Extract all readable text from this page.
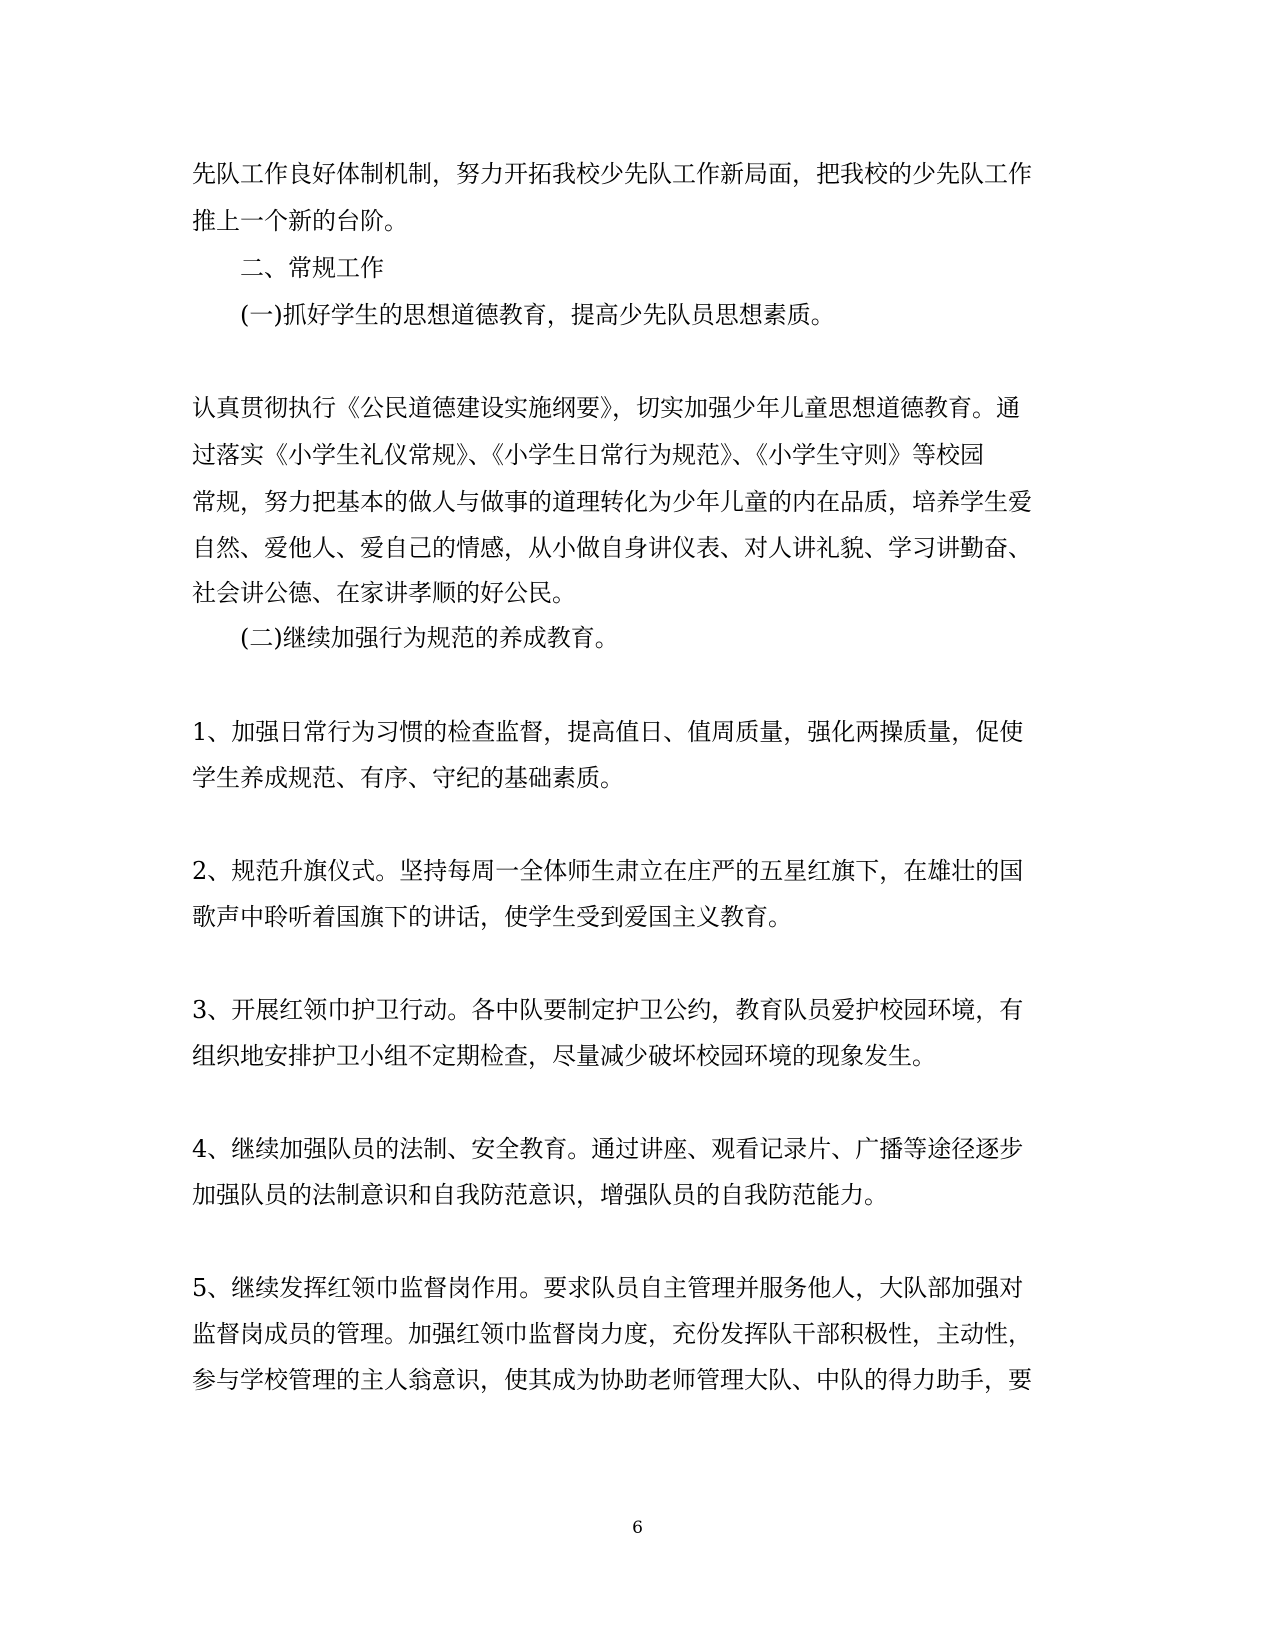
先队工作良好体制机制，努力开拓我校少先队工作新局面，把我校的少先队工作

推上一个新的台阶。

二、常规工作

(一)抓好学生的思想道德教育，提高少先队员思想素质。

认真贯彻执行《公民道德建设实施纲要》，切实加强少年儿童思想道德教育。通

过落实《小学生礼仪常规》、《小学生日常行为规范》、《小学生守则》等校园

常规，努力把基本的做人与做事的道理转化为少年儿童的内在品质，培养学生爱

自然、爱他人、爱自己的情感，从小做自身讲仪表、对人讲礼貌、学习讲勤奋、

社会讲公德、在家讲孝顺的好公民。

(二)继续加强行为规范的养成教育。

1、加强日常行为习惯的检查监督，提高值日、值周质量，强化两操质量，促使

学生养成规范、有序、守纪的基础素质。

2、规范升旗仪式。坚持每周一全体师生肃立在庄严的五星红旗下，在雄壮的国

歌声中聆听着国旗下的讲话，使学生受到爱国主义教育。

3、开展红领巾护卫行动。各中队要制定护卫公约，教育队员爱护校园环境，有

组织地安排护卫小组不定期检查，尽量减少破坏校园环境的现象发生。

4、继续加强队员的法制、安全教育。通过讲座、观看记录片、广播等途径逐步

加强队员的法制意识和自我防范意识，增强队员的自我防范能力。

5、继续发挥红领巾监督岗作用。要求队员自主管理并服务他人，大队部加强对

监督岗成员的管理。加强红领巾监督岗力度，充份发挥队干部积极性，主动性，

参与学校管理的主人翁意识，使其成为协助老师管理大队、中队的得力助手，要

6
